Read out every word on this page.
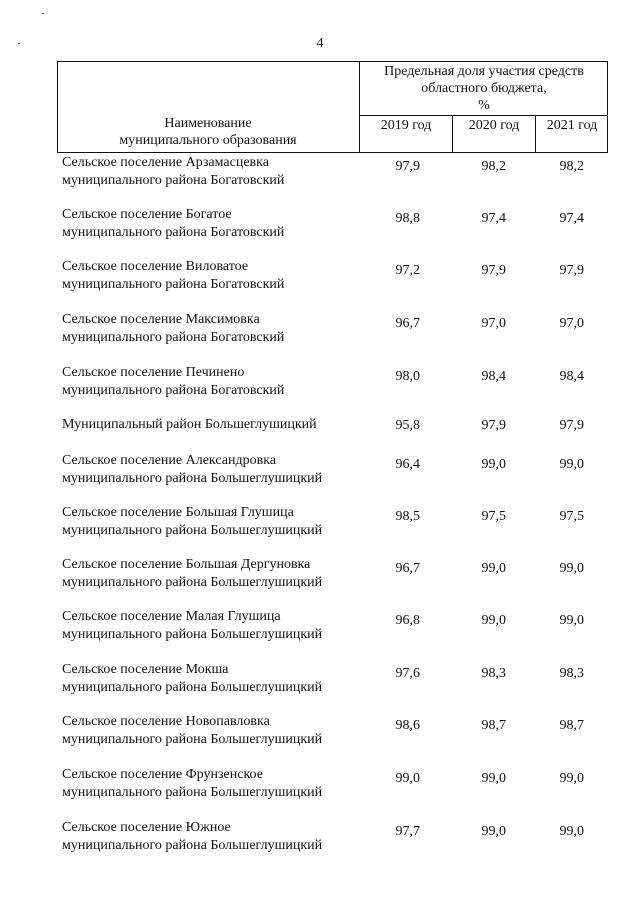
4
Наименование
муниципального образования
Предельная доля участия средств
областного бюджета,
%
2019 год	2020 год	2021 год
Сельское поселение Арзамасцевка
муниципального района Богатовский
97,9	98,2	98,2
Сельское поселение Богатое
муниципального района Богатовский
98,8	97,4	97,4
Сельское поселение Виловатое
муниципального района Богатовский
97,2	97,9	97,9
Сельское поселение Максимовка
муниципального района Богатовский
96,7	97,0	97,0
Сельское поселение Печинено
муниципального района Богатовский
98,0	98,4	98,4
Муниципальный район Большеглушицкий
	95,8	97,9	97,9
Сельское поселение Александровка
муниципального района Большеглушицкий
96,4	99,0	99,0
Сельское поселение Большая Глушица
муниципального района Большеглушицкий
98,5	97,5	97,5
Сельское поселение Большая Дергуновка
муниципального района Большеглушицкий
96,7	99,0	99,0
Сельское поселение Малая Глушица
муниципального района Большеглушицкий
96,8	99,0	99,0
Сельское поселение Мокша
муниципального района Большеглушицкий
97,6	98,3	98,3
Сельское поселение Новопавловка
муниципального района Большеглушицкий
98,6	98,7	98,7
Сельское поселение Фрунзенское
муниципального района Большеглушицкий
99,0	99,0	99,0
Сельское поселение Южное
муниципального района Большеглушицкий
97,7	99,0	99,0
